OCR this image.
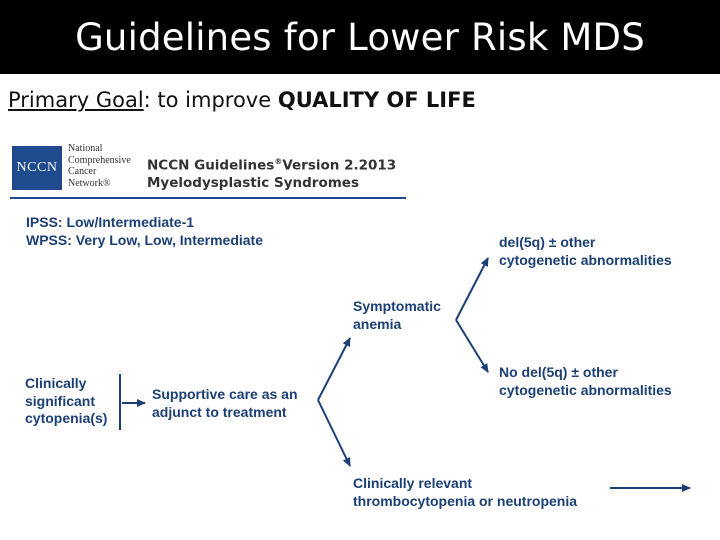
Guidelines for Lower Risk MDS
Primary Goal: to improve QUALITY OF LIFE
NCCN
National
Comprehensive
Cancer
Network®
NCCN Guidelines®Version 2.2013
Myelodysplastic Syndromes
IPSS: Low/Intermediate-1
WPSS: Very Low, Low, Intermediate
Clinically
significant
cytopenia(s)
Supportive care as an
adjunct to treatment
Symptomatic
anemia
del(5q) ± other
cytogenetic abnormalities
No del(5q) ± other
cytogenetic abnormalities
Clinically relevant
thrombocytopenia or neutropenia
